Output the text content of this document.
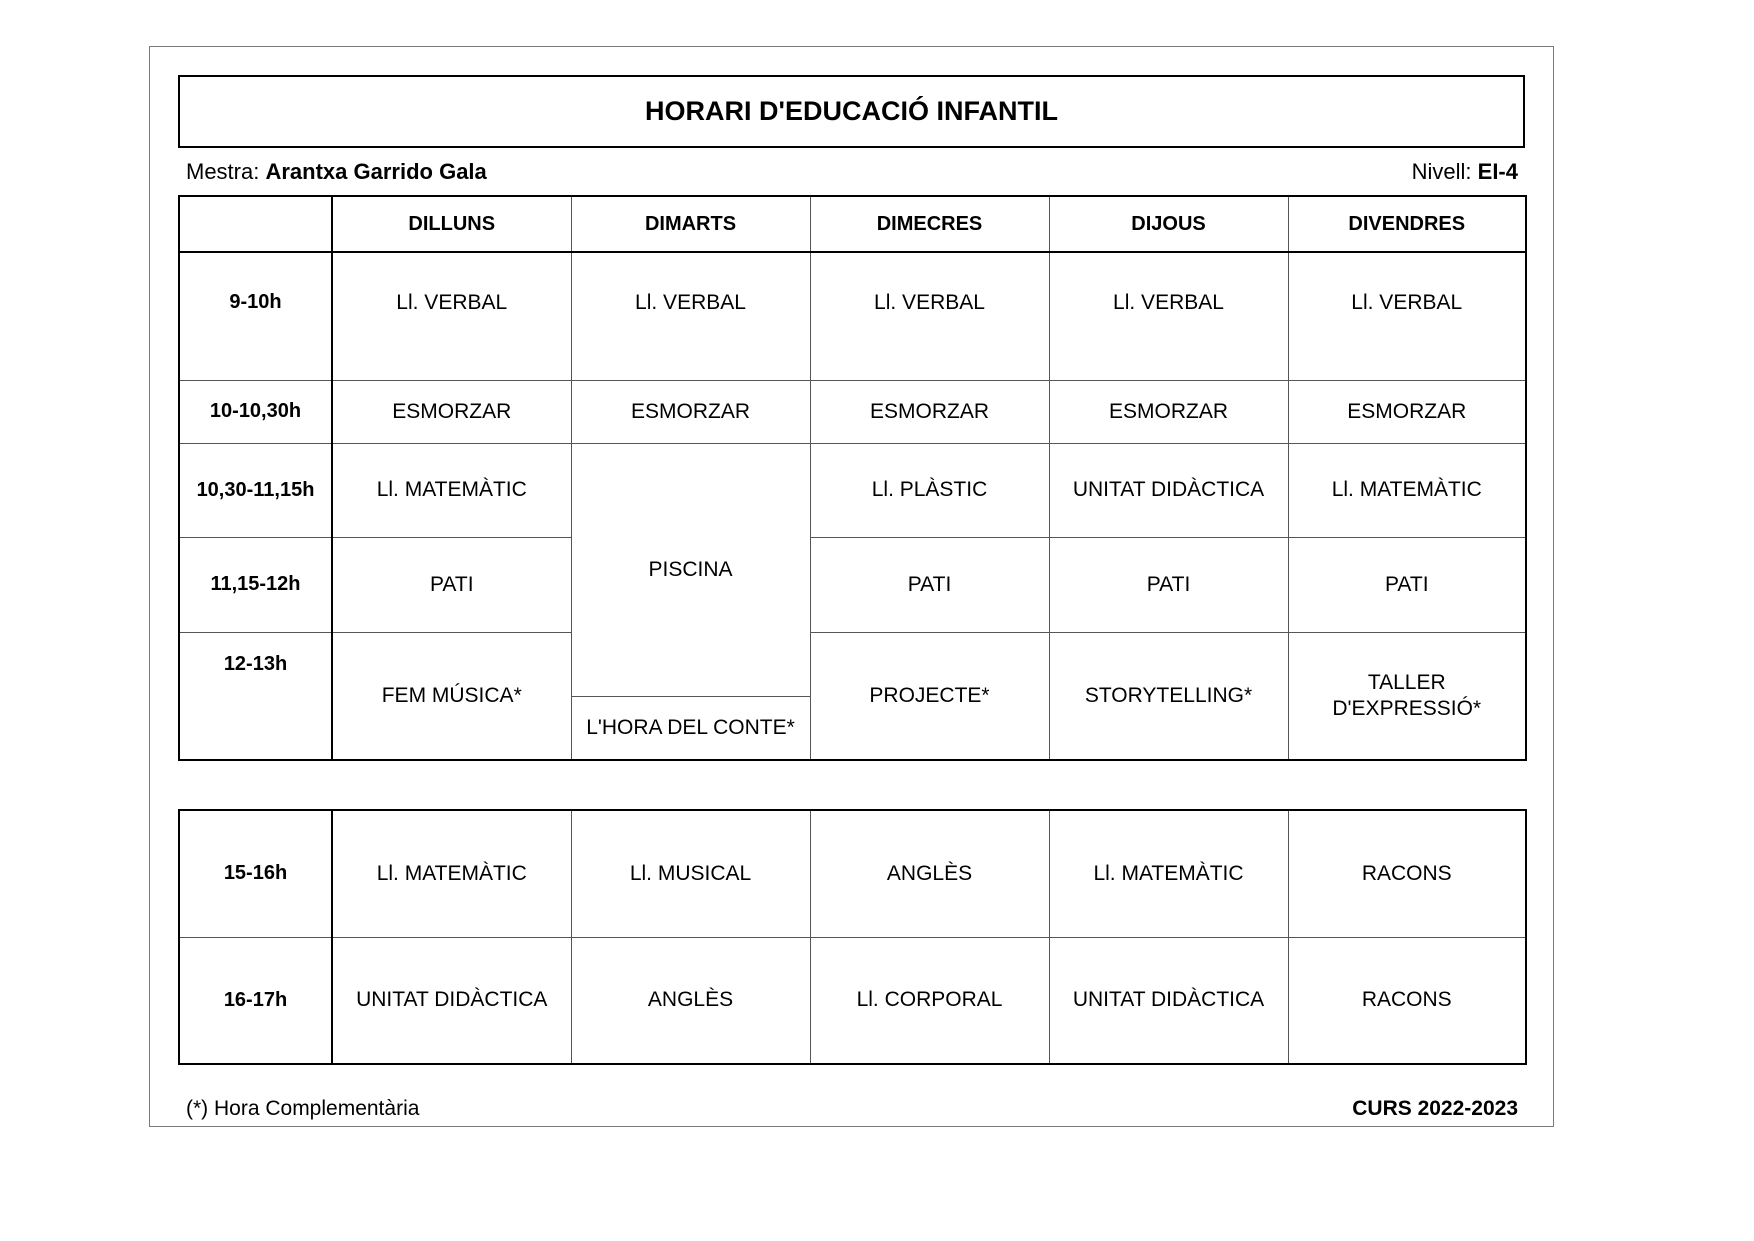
HORARI D'EDUCACIÓ INFANTIL
Mestra: Arantxa Garrido Gala	Nivell: EI-4
	DILLUNS	DIMARTS	DIMECRES	DIJOUS	DIVENDRES
9-10h	Ll. VERBAL	Ll. VERBAL	Ll. VERBAL	Ll. VERBAL	Ll. VERBAL
10-10,30h	ESMORZAR	ESMORZAR	ESMORZAR	ESMORZAR	ESMORZAR
10,30-11,15h	Ll. MATEMÀTIC	PISCINA	Ll. PLÀSTIC	UNITAT DIDÀCTICA	Ll. MATEMÀTIC
11,15-12h	PATI		PATI	PATI	PATI
12-13h	FEM MÚSICA*		PROJECTE*	STORYTELLING*	TALLER D'EXPRESSIÓ*
		L'HORA DEL CONTE*			
15-16h	Ll. MATEMÀTIC	Ll. MUSICAL	ANGLÈS	Ll. MATEMÀTIC	RACONS
16-17h	UNITAT DIDÀCTICA	ANGLÈS	Ll. CORPORAL	UNITAT DIDÀCTICA	RACONS
(*) Hora Complementària	CURS 2022-2023
